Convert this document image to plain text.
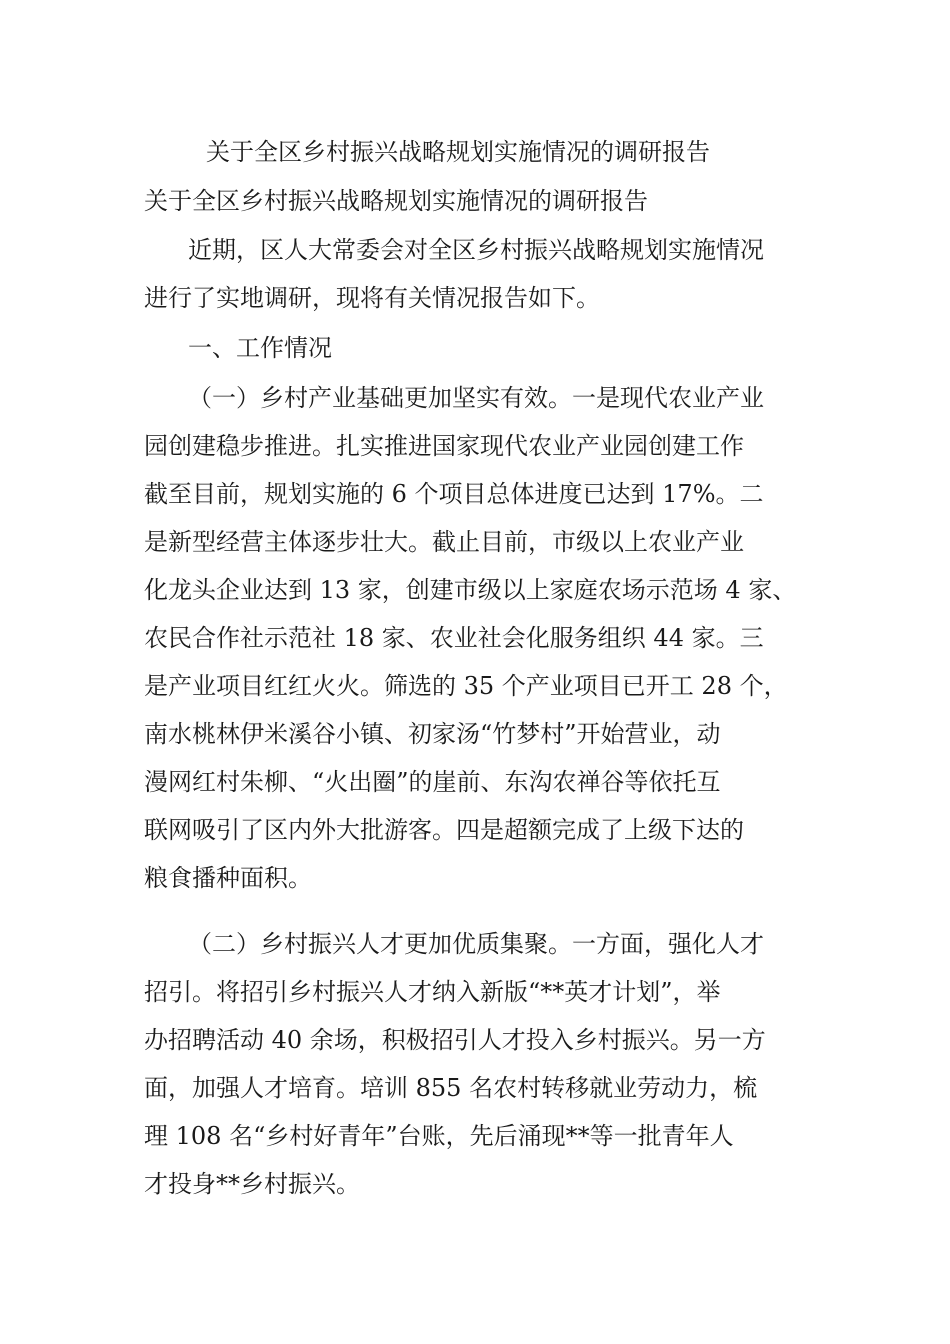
关于全区乡村振兴战略规划实施情况的调研报告
关于全区乡村振兴战略规划实施情况的调研报告
近期，区人大常委会对全区乡村振兴战略规划实施情况
进行了实地调研，现将有关情况报告如下。
一、工作情况
（一）乡村产业基础更加坚实有效。一是现代农业产业
园创建稳步推进。扎实推进国家现代农业产业园创建工作
截至目前，规划实施的 6 个项目总体进度已达到 17%。二
是新型经营主体逐步壮大。截止目前，市级以上农业产业
化龙头企业达到 13 家，创建市级以上家庭农场示范场 4 家、
农民合作社示范社 18 家、农业社会化服务组织 44 家。三
是产业项目红红火火。筛选的 35 个产业项目已开工 28 个，
南水桃林伊米溪谷小镇、初家汤“竹梦村”开始营业，动
漫网红村朱柳、“火出圈”的崖前、东沟农禅谷等依托互
联网吸引了区内外大批游客。四是超额完成了上级下达的
粮食播种面积。
（二）乡村振兴人才更加优质集聚。一方面，强化人才
招引。将招引乡村振兴人才纳入新版“**英才计划”，举
办招聘活动 40 余场，积极招引人才投入乡村振兴。另一方
面，加强人才培育。培训 855 名农村转移就业劳动力，梳
理 108 名“乡村好青年”台账，先后涌现**等一批青年人
才投身**乡村振兴。
